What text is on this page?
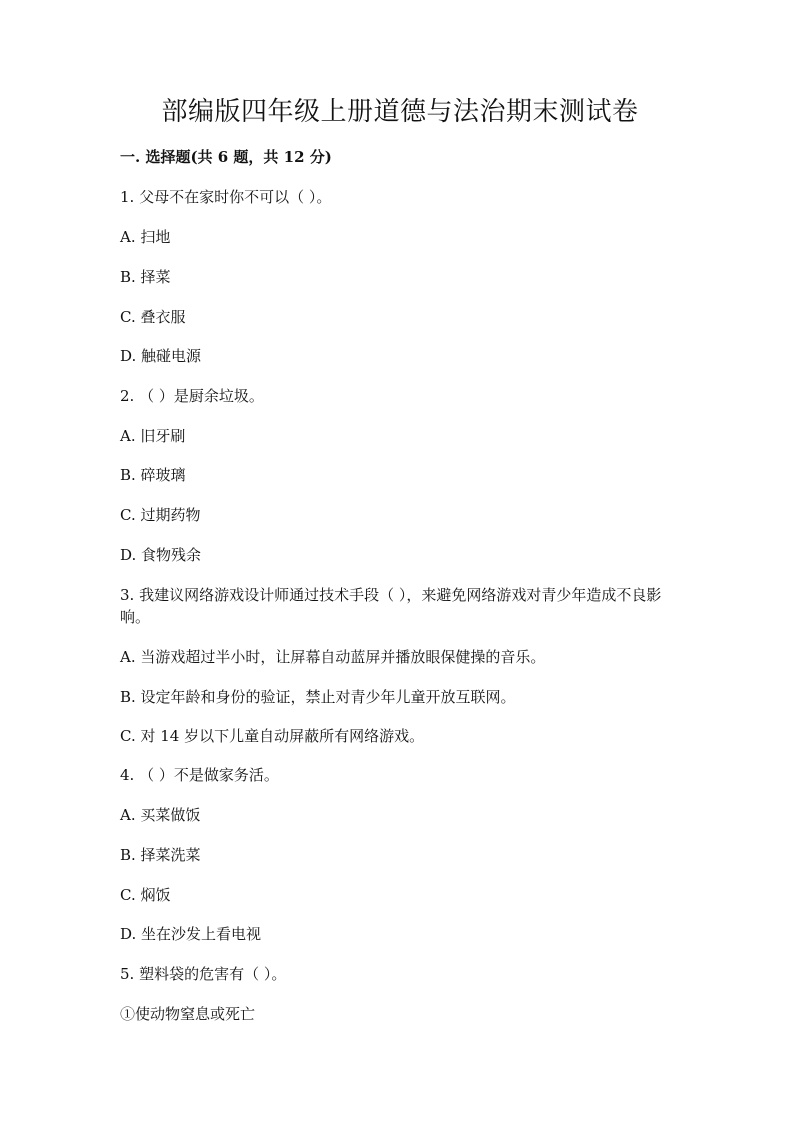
部编版四年级上册道德与法治期末测试卷
一. 选择题(共 6 题，共 12 分)

1. 父母不在家时你不可以（ ）。

A. 扫地

B. 择菜

C. 叠衣服

D. 触碰电源

2. （ ）是厨余垃圾。

A. 旧牙刷

B. 碎玻璃

C. 过期药物

D. 食物残余

3. 我建议网络游戏设计师通过技术手段（ ），来避免网络游戏对青少年造成不良影响。

A. 当游戏超过半小时，让屏幕自动蓝屏并播放眼保健操的音乐。

B. 设定年龄和身份的验证，禁止对青少年儿童开放互联网。

C. 对 14 岁以下儿童自动屏蔽所有网络游戏。

4. （ ）不是做家务活。

A. 买菜做饭

B. 择菜洗菜

C. 焖饭

D. 坐在沙发上看电视

5. 塑料袋的危害有（ ）。

①使动物窒息或死亡
